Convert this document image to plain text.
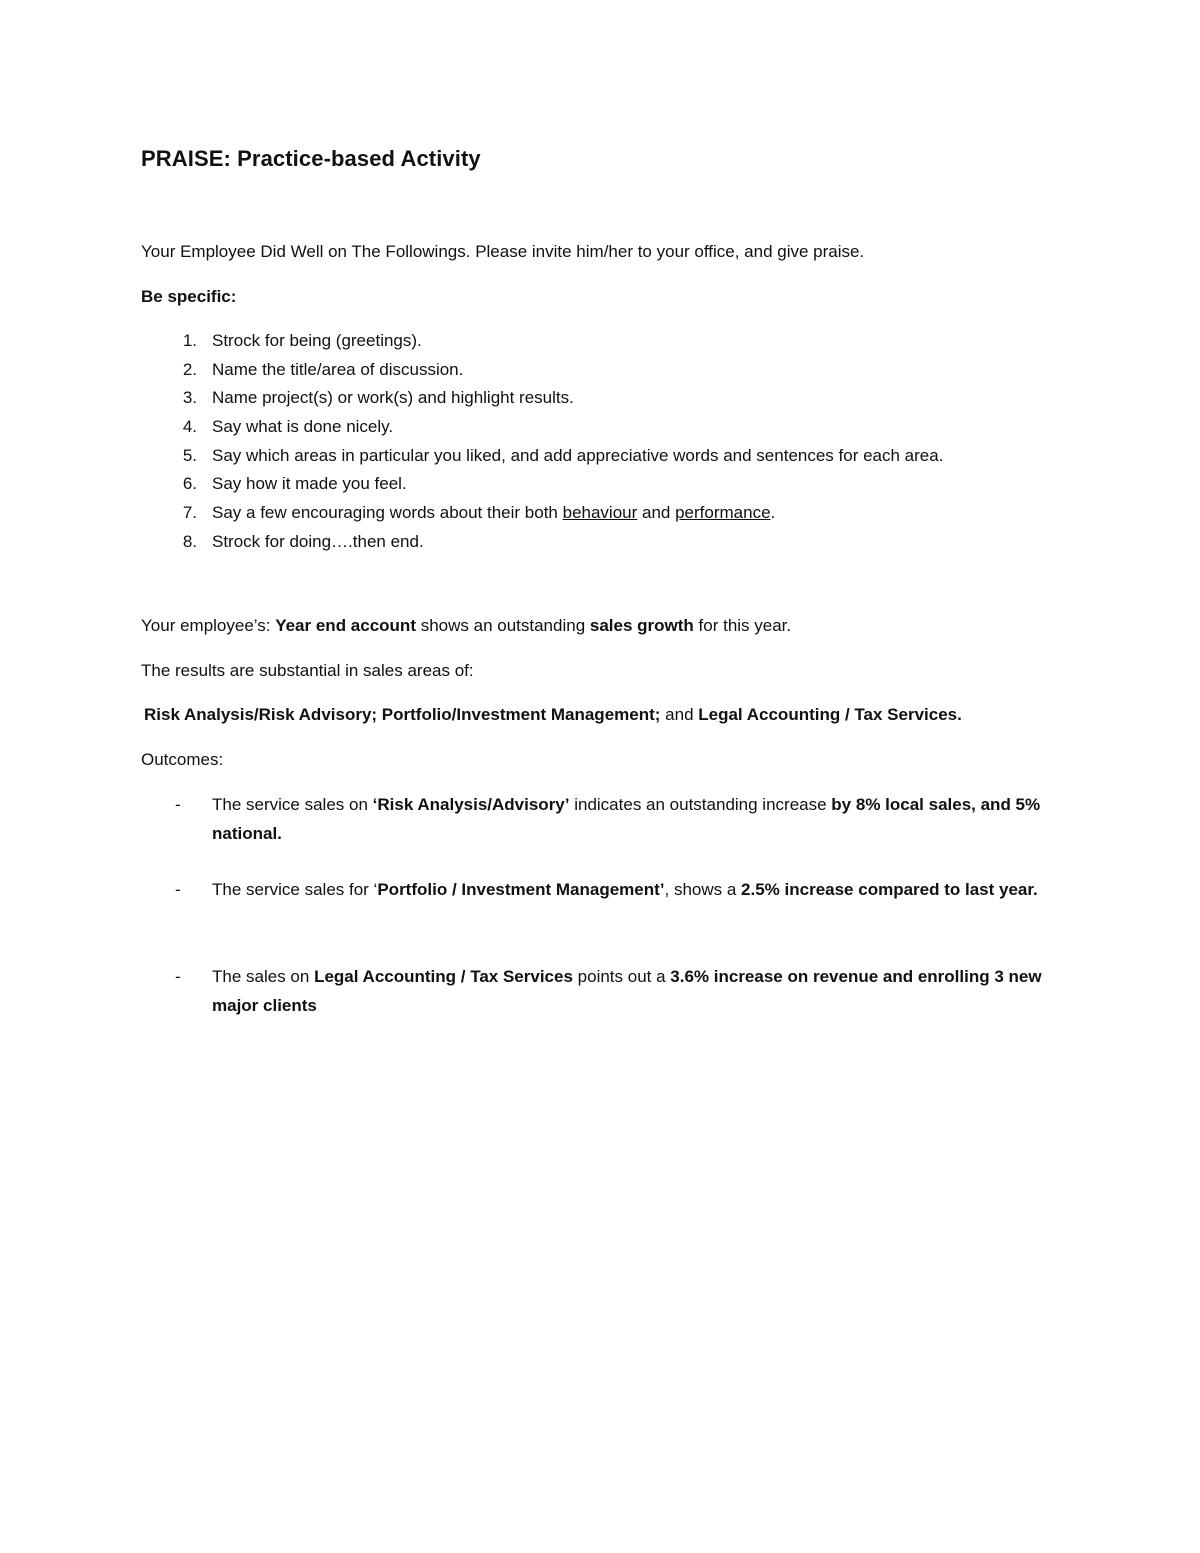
PRAISE: Practice-based Activity
Your Employee Did Well on The Followings. Please invite him/her to your office, and give praise.
Be specific:
1. Strock for being (greetings).
2. Name the title/area of discussion.
3. Name project(s) or work(s) and highlight results.
4. Say what is done nicely.
5. Say which areas in particular you liked, and add appreciative words and sentences for each area.
6. Say how it made you feel.
7. Say a few encouraging words about their both behaviour and performance.
8. Strock for doing….then end.
Your employee’s: Year end account shows an outstanding sales growth for this year.
The results are substantial in sales areas of:
Risk Analysis/Risk Advisory; Portfolio/Investment Management; and Legal Accounting / Tax Services.
Outcomes:
- The service sales on ‘Risk Analysis/Advisory’ indicates an outstanding increase by 8% local sales, and 5% national.
- The service sales for ‘Portfolio / Investment Management’, shows a 2.5% increase compared to last year.
- The sales on Legal Accounting / Tax Services points out a 3.6% increase on revenue and enrolling 3 new major clients
